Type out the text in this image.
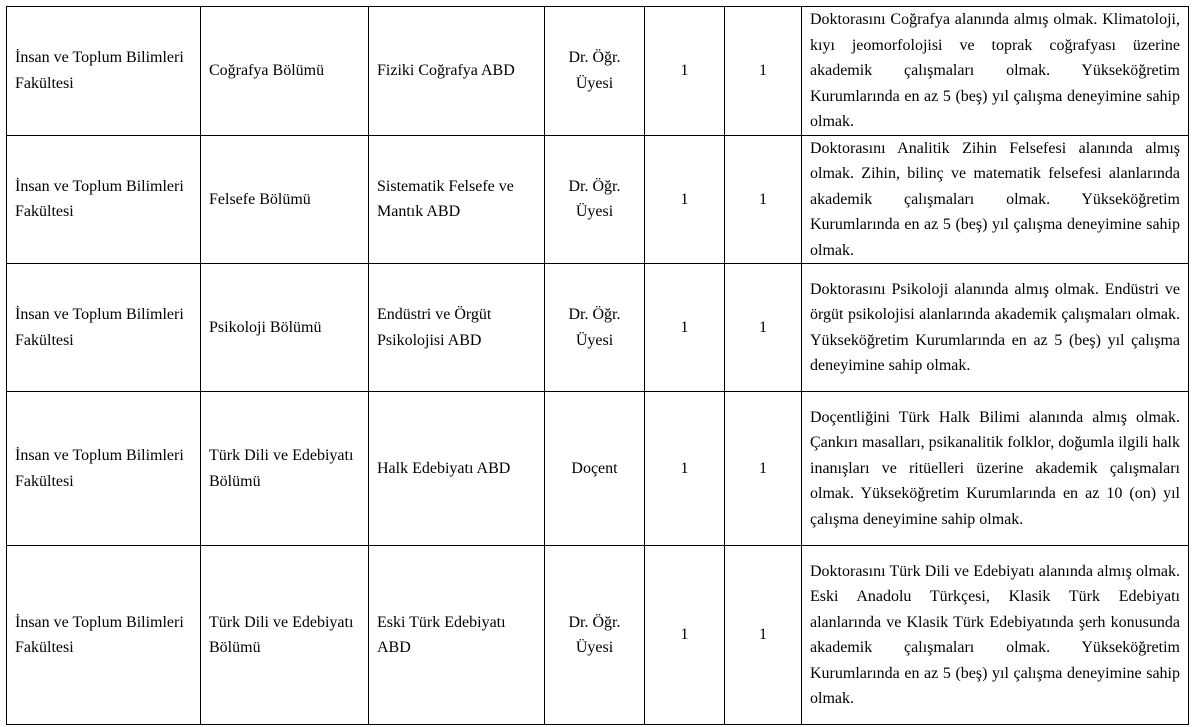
İnsan ve Toplum Bilimleri Fakültesi	Coğrafya Bölümü	Fiziki Coğrafya ABD	Dr. Öğr. Üyesi	1	1	Doktorasını Coğrafya alanında almış olmak. Klimatoloji, kıyı jeomorfolojisi ve toprak coğrafyası üzerine akademik çalışmaları olmak. Yükseköğretim Kurumlarında en az 5 (beş) yıl çalışma deneyimine sahip olmak.
İnsan ve Toplum Bilimleri Fakültesi	Felsefe Bölümü	Sistematik Felsefe ve Mantık ABD	Dr. Öğr. Üyesi	1	1	Doktorasını Analitik Zihin Felsefesi alanında almış olmak. Zihin, bilinç ve matematik felsefesi alanlarında akademik çalışmaları olmak. Yükseköğretim Kurumlarında en az 5 (beş) yıl çalışma deneyimine sahip olmak.
İnsan ve Toplum Bilimleri Fakültesi	Psikoloji Bölümü	Endüstri ve Örgüt Psikolojisi ABD	Dr. Öğr. Üyesi	1	1	Doktorasını Psikoloji alanında almış olmak. Endüstri ve örgüt psikolojisi alanlarında akademik çalışmaları olmak. Yükseköğretim Kurumlarında en az 5 (beş) yıl çalışma deneyimine sahip olmak.
İnsan ve Toplum Bilimleri Fakültesi	Türk Dili ve Edebiyatı Bölümü	Halk Edebiyatı ABD	Doçent	1	1	Doçentliğini Türk Halk Bilimi alanında almış olmak. Çankırı masalları, psikanalitik folklor, doğumla ilgili halk inanışları ve ritüelleri üzerine akademik çalışmaları olmak. Yükseköğretim Kurumlarında en az 10 (on) yıl çalışma deneyimine sahip olmak.
İnsan ve Toplum Bilimleri Fakültesi	Türk Dili ve Edebiyatı Bölümü	Eski Türk Edebiyatı ABD	Dr. Öğr. Üyesi	1	1	Doktorasını Türk Dili ve Edebiyatı alanında almış olmak. Eski Anadolu Türkçesi, Klasik Türk Edebiyatı alanlarında ve Klasik Türk Edebiyatında şerh konusunda akademik çalışmaları olmak. Yükseköğretim Kurumlarında en az 5 (beş) yıl çalışma deneyimine sahip olmak.
